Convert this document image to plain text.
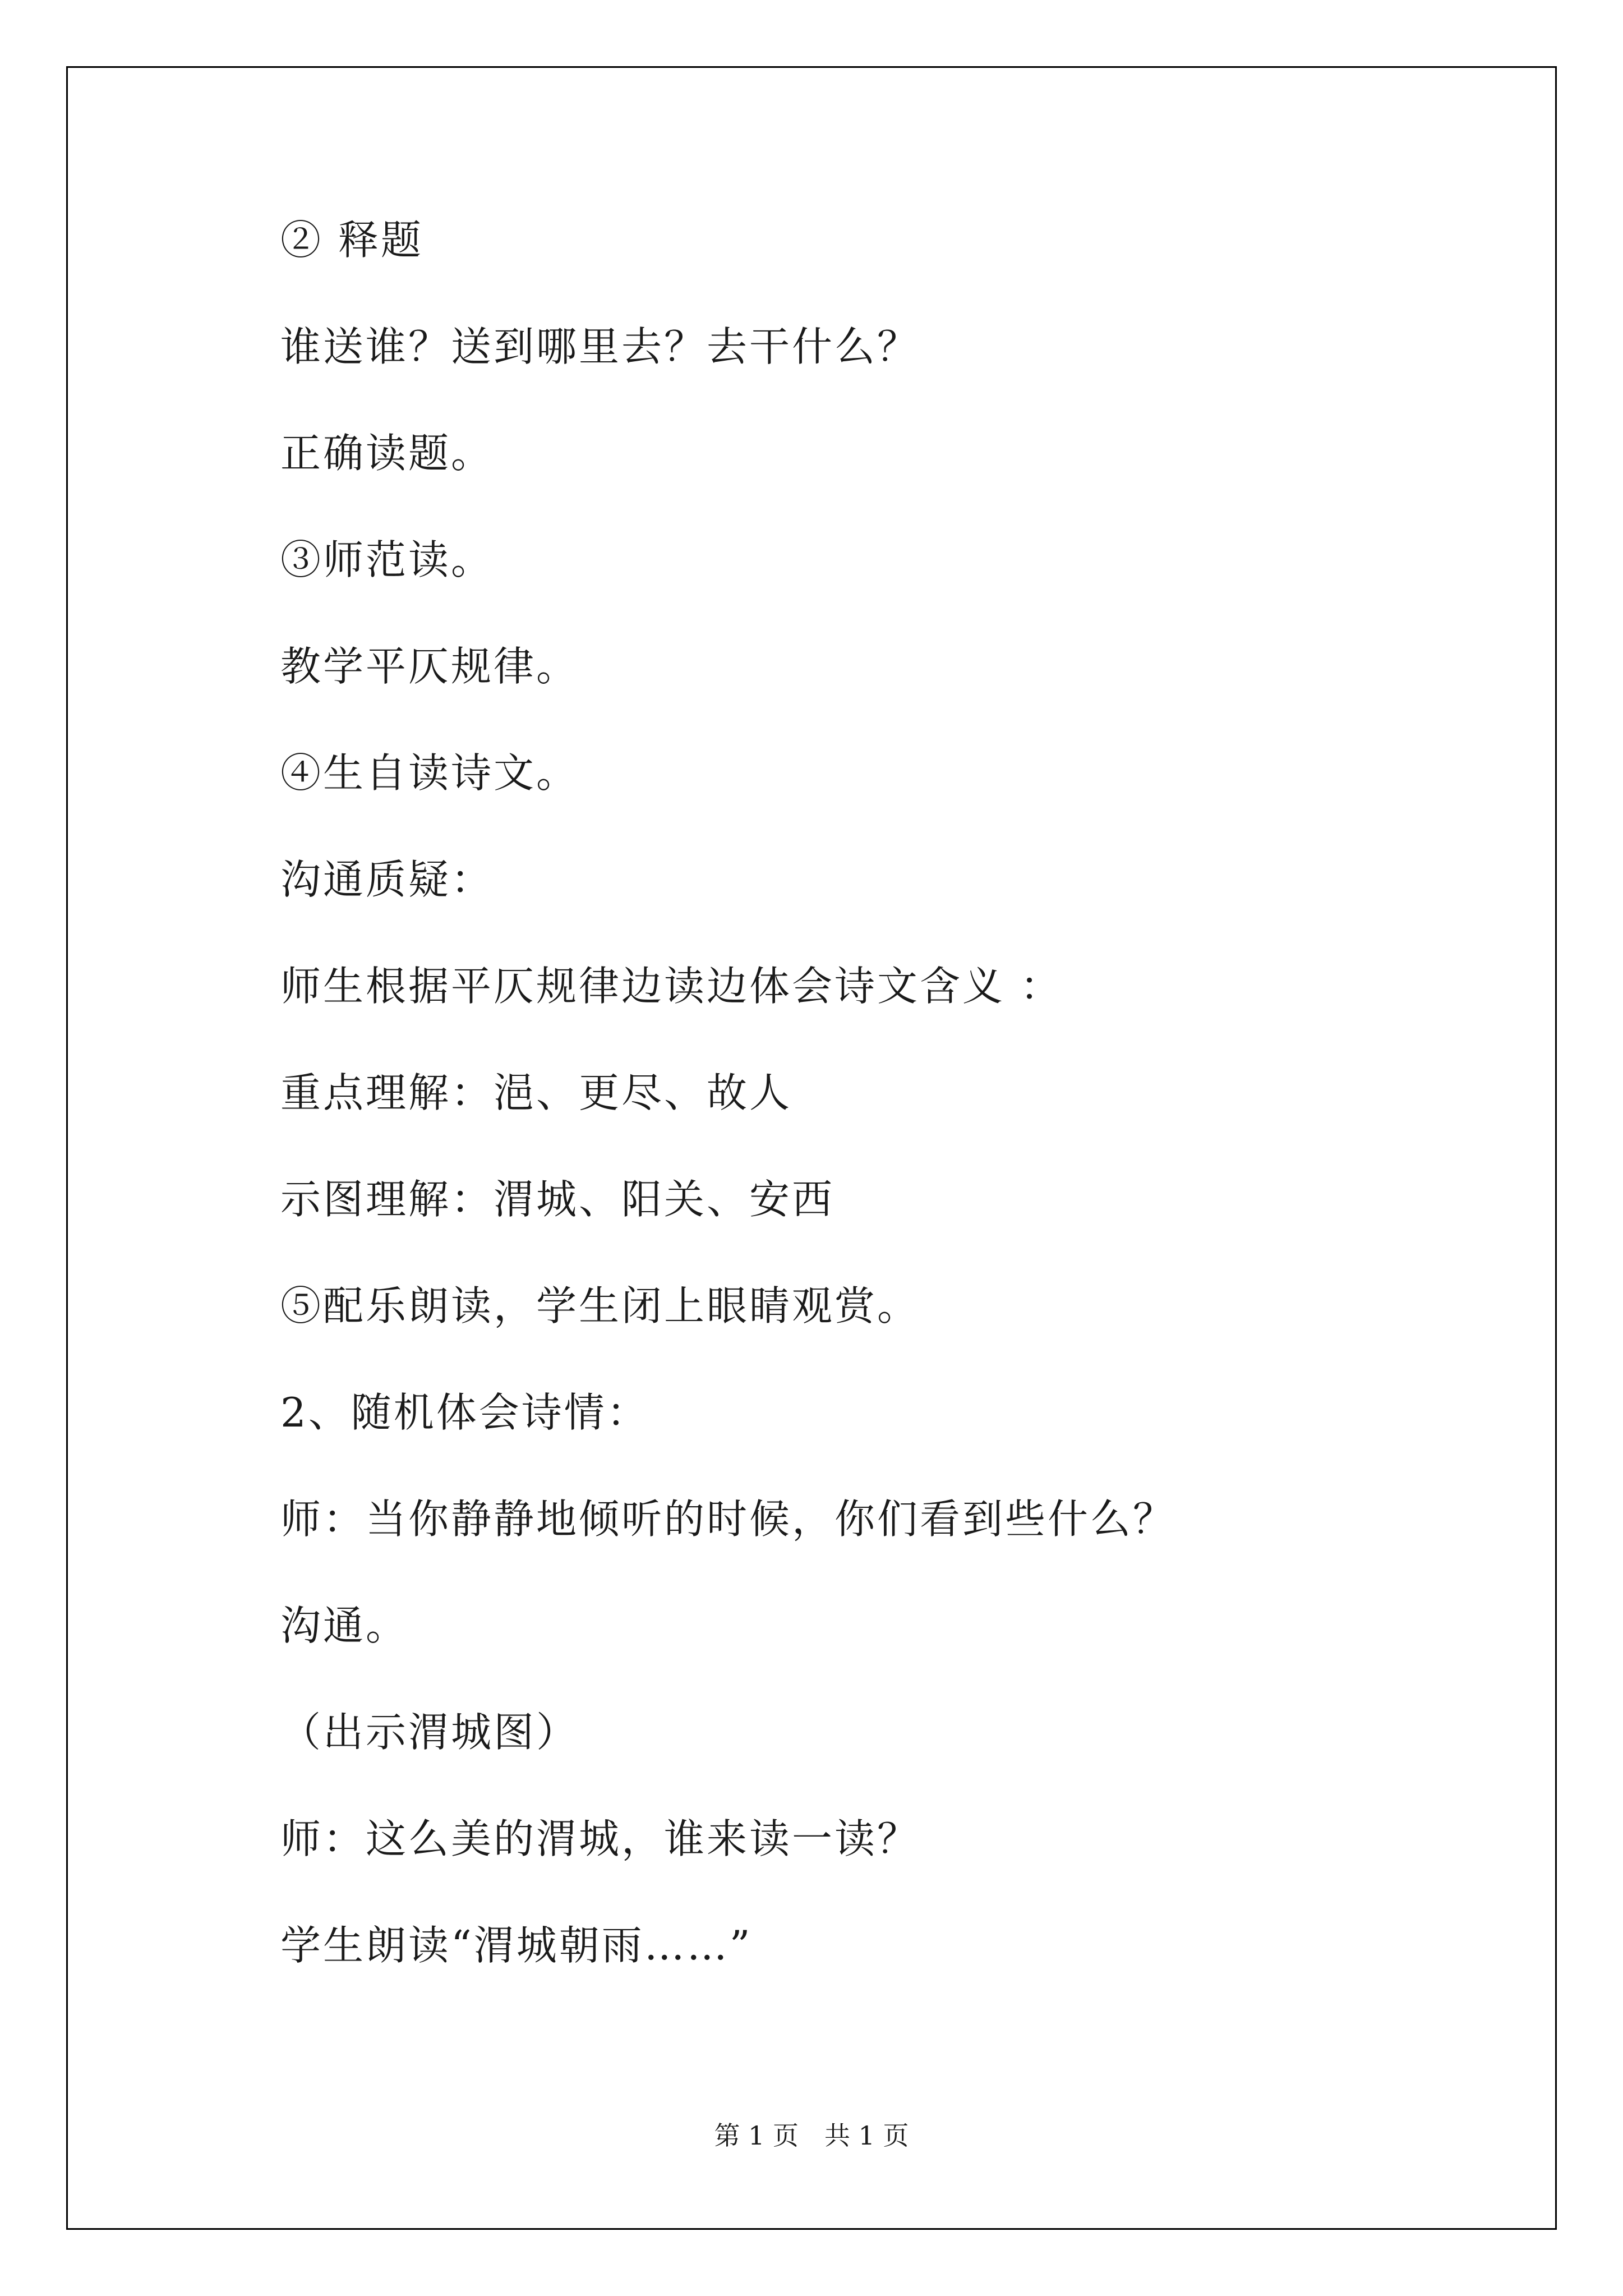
② 释题
谁送谁？送到哪里去？去干什么？
正确读题。
③师范读。
教学平仄规律。
④生自读诗文。
沟通质疑：
师生根据平仄规律边读边体会诗文含义 ：
重点理解：浥、更尽、故人
示图理解：渭城、阳关、安西
⑤配乐朗读，学生闭上眼睛观赏。
2、随机体会诗情：
师：当你静静地倾听的时候，你们看到些什么？
沟通。
（出示渭城图）
师：这么美的渭城，谁来读一读？
学生朗读“渭城朝雨……”
第 1 页　共 1 页
